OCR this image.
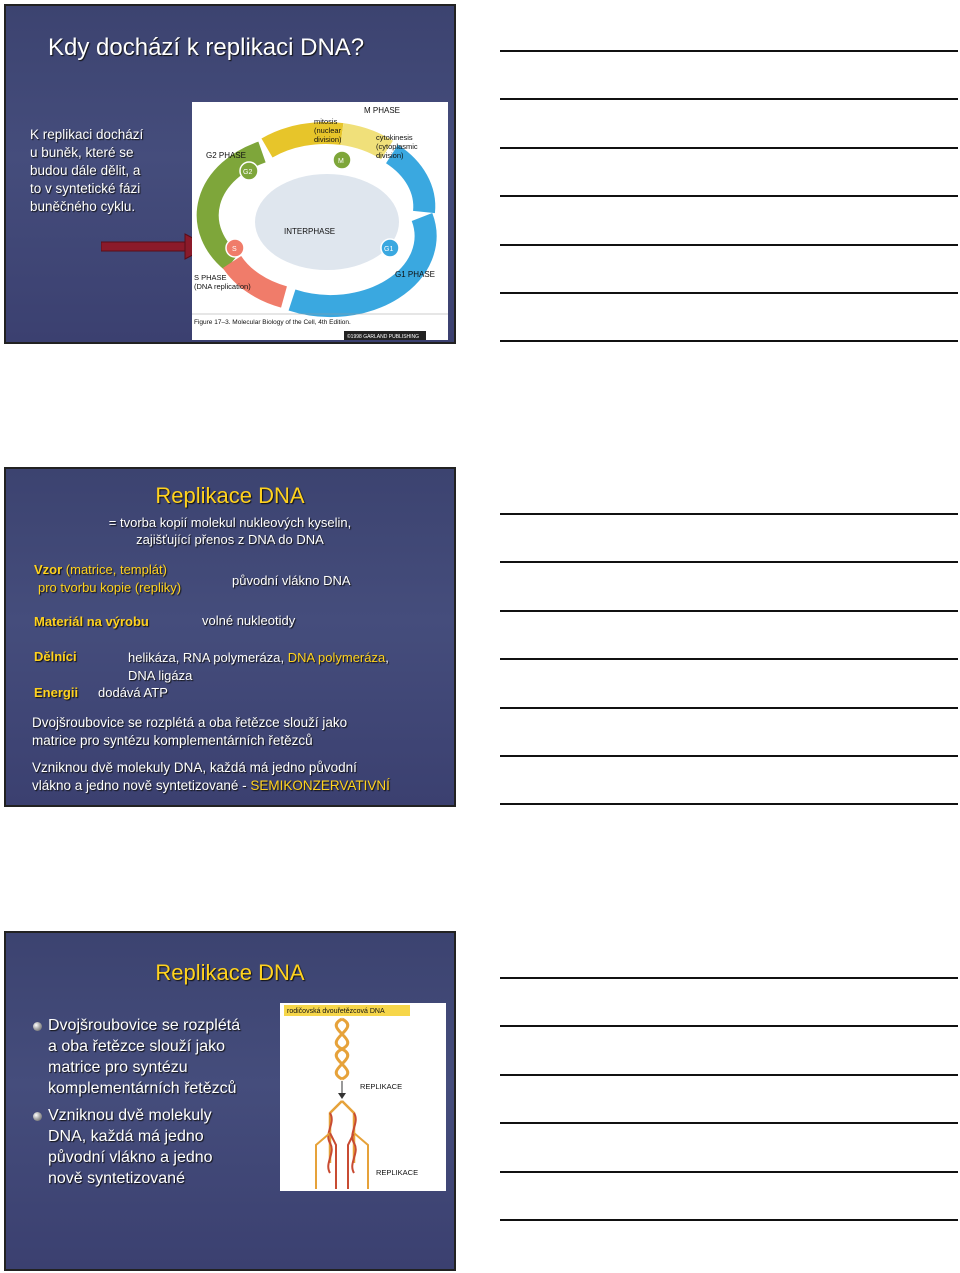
Kdy dochází k replikaci DNA?
K replikaci dochází
u buněk, které se
budou dále dělit, a
to v syntetické fázi
buněčného cyklu.
M PHASE
mitosis (nuclear division)	cytokinesis (cytoplasmic division)
G2 PHASE
G2
M
INTERPHASE
S	G1
S PHASE (DNA replication)
G1 PHASE
Figure 17–3. Molecular Biology of the Cell, 4th Edition.
©1998 GARLAND PUBLISHING
Replikace DNA
= tvorba kopií molekul nukleových kyselin,
zajišťující přenos z DNA do DNA
Vzor (matrice, templát)
pro tvorbu kopie (repliky)	původní vlákno DNA
Materiál na výrobu	volné nukleotidy
Dělníci	helikáza, RNA polymeráza, DNA polymeráza,
DNA ligáza
Energii dodává ATP
Dvojšroubovice se rozplétá a oba řetězce slouží jako
matrice pro syntézu komplementárních řetězců
Vzniknou dvě molekuly DNA, každá má jedno původní
vlákno a jedno nově syntetizované - SEMIKONZERVATIVNÍ
Replikace DNA
Dvojšroubovice se rozplétá
a oba řetězce slouží jako
matrice pro syntézu
komplementárních řetězců
Vzniknou dvě molekuly
DNA, každá má jedno
původní vlákno a jedno
nově syntetizované
rodičovská dvouřetězcová DNA
REPLIKACE
REPLIKACE
